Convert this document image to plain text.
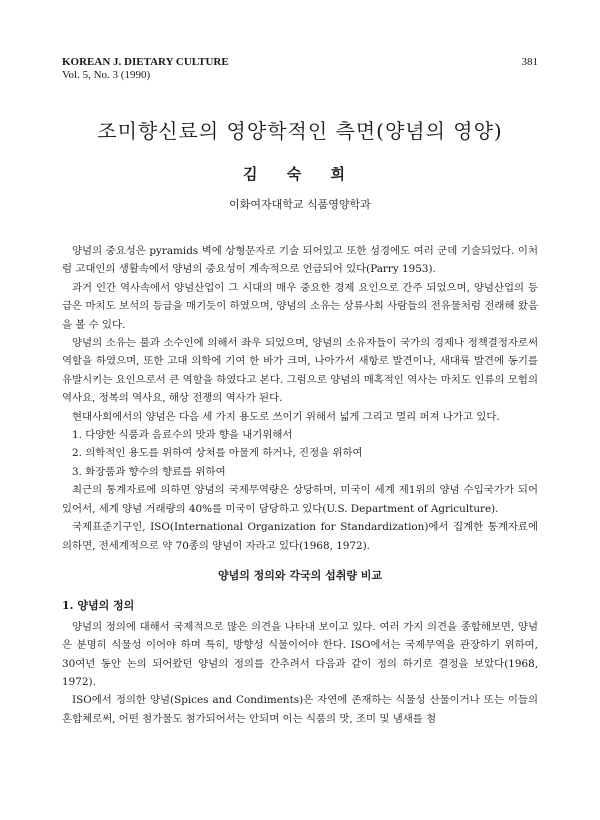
KOREAN J. DIETARY CULTURE
Vol. 5, No. 3 (1990)
381
조미향신료의 영양학적인 측면(양념의 영양)
김 숙 희
이화여자대학교 식품영양학과

양념의 중요성은 pyramids 벽에 상형문자로 기술 되어있고 또한 성경에도 여러 군데 기술되었다. 이처럼 고대인의 생활속에서 양념의 중요성이 계속적으로 언급되어 있다(Parry 1953).

과거 인간 역사속에서 양념산업이 그 시대의 매우 중요한 경제 요인으로 간주 되었으며, 양념산업의 등급은 마치도 보석의 등급을 매기듯이 하였으며, 양념의 소유는 상류사회 사람들의 전유물처럼 전래해 왔음을 볼 수 있다.

양념의 소유는 불과 소수인에 의해서 좌우 되었으며, 양념의 소유자들이 국가의 경제나 정책결정자로써 역할을 하였으며, 또한 고대 의학에 기여 한 바가 크며, 나아가서 새항로 발견이나, 새대륙 발견에 동기를 유발시키는 요인으로서 큰 역할을 하였다고 본다. 그럼으로 양념의 매혹적인 역사는 마치도 인류의 모험의 역사요, 정복의 역사요, 해상 전쟁의 역사가 된다.

현대사회에서의 양념은 다음 세 가지 용도로 쓰이기 위해서 넓게 그리고 멀리 퍼져 나가고 있다.

1. 다양한 식품과 음료수의 맛과 향을 내기위해서

2. 의학적인 용도를 위하여 상처를 아물게 하거나, 진정을 위하여

3. 화장품과 향수의 향료를 위하여

최근의 통계자료에 의하면 양념의 국제무역량은 상당하며, 미국이 세계 제1위의 양념 수입국가가 되어 있어서, 세계 양념 거래량의 40%를 미국이 담당하고 있다(U.S. Department of Agriculture).

국제표준기구인, ISO(International Organization for Standardization)에서 집계한 통계자료에 의하면, 전세계적으로 약 70종의 양념이 자라고 있다(1968, 1972).

양념의 정의와 각국의 섭취량 비교

1. 양념의 정의

양념의 정의에 대해서 국제적으로 많은 의견을 나타내 보이고 있다. 여러 가지 의견을 종합해보면, 양념은 분명히 식물성 이어야 하며 특히, 방향성 식물이어야 한다. ISO에서는 국제무역을 관장하기 위하여, 30여년 동안 논의 되어왔던 양념의 정의를 간추려서 다음과 같이 정의 하기로 결정을 보았다(1968, 1972).

ISO에서 정의한 양념(Spices and Condiments)은 자연에 존재하는 식물성 산물이거나 또는 이들의 혼합체로써, 어떤 첨가물도 첨가되어서는 안되며 이는 식품의 맛, 조미 및 냄새를 첨
